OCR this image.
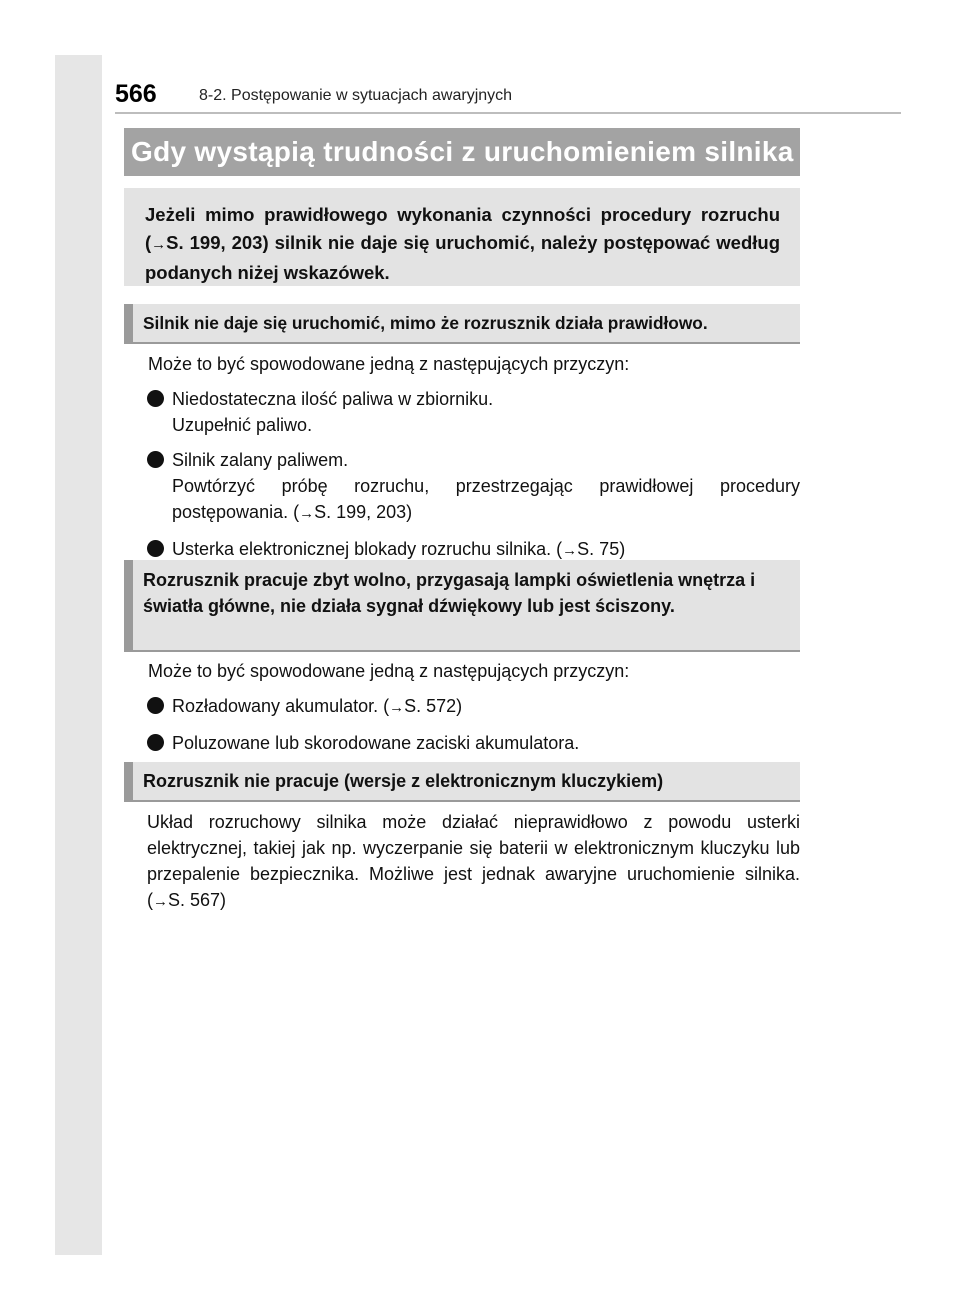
566	8-2. Postępowanie w sytuacjach awaryjnych
Gdy wystąpią trudności z uruchomieniem silnika

Jeżeli mimo prawidłowego wykonania czynności procedury rozruchu (→S. 199, 203) silnik nie daje się uruchomić, należy postępować według podanych niżej wskazówek.

Silnik nie daje się uruchomić, mimo że rozrusznik działa prawidłowo.

Może to być spowodowane jedną z następujących przyczyn:

Niedostateczna ilość paliwa w zbiorniku.

Uzupełnić paliwo.

Silnik zalany paliwem.

Powtórzyć próbę rozruchu, przestrzegając prawidłowej procedury postępowania. (→S. 199, 203)

Usterka elektronicznej blokady rozruchu silnika. (→S. 75)

Rozrusznik pracuje zbyt wolno, przygasają lampki oświetlenia wnętrza i światła główne, nie działa sygnał dźwiękowy lub jest ściszony.

Może to być spowodowane jedną z następujących przyczyn:

Rozładowany akumulator. (→S. 572)

Poluzowane lub skorodowane zaciski akumulatora.

Rozrusznik nie pracuje (wersje z elektronicznym kluczykiem)

Układ rozruchowy silnika może działać nieprawidłowo z powodu usterki elektrycznej, takiej jak np. wyczerpanie się baterii w elektronicznym kluczyku lub przepalenie bezpiecznika. Możliwe jest jednak awaryjne uruchomienie silnika. (→S. 567)
